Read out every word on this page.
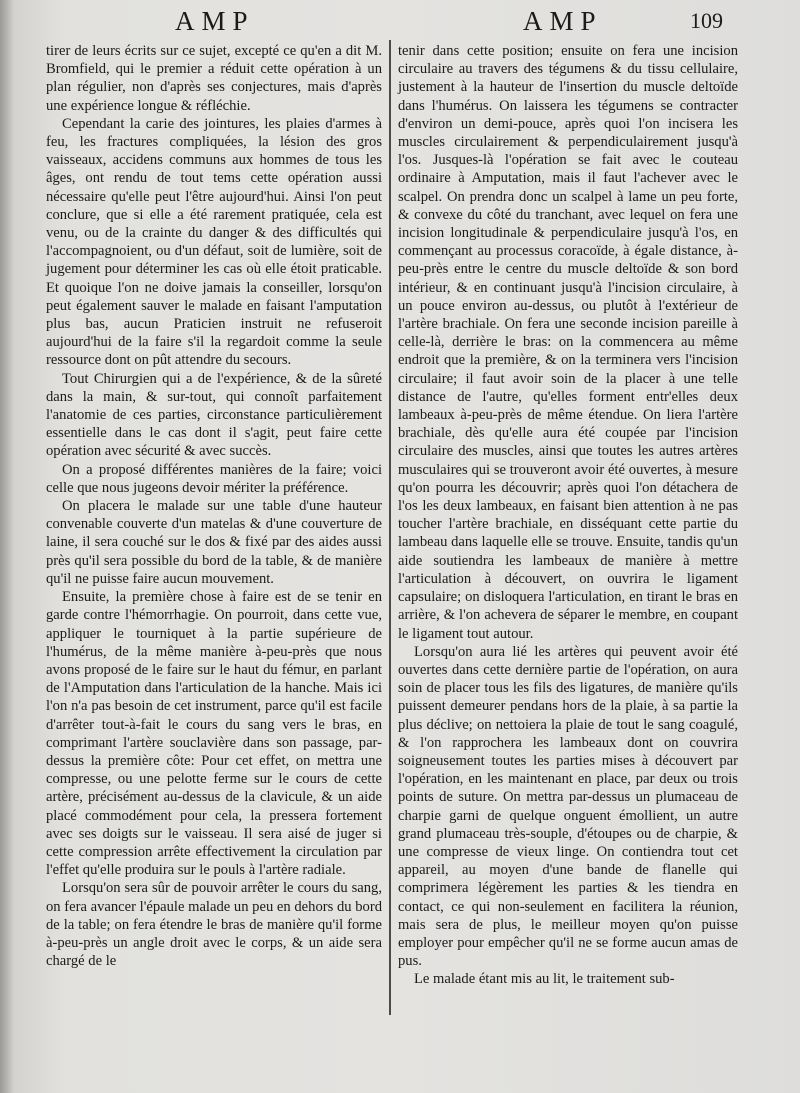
AMP	AMP	109

tirer de leurs écrits sur ce sujet, excepté ce qu'en a dit M. Bromfield, qui le premier a réduit cette opération à un plan régulier, non d'après ses conjectures, mais d'après une expérience longue & réfléchie.

Cependant la carie des jointures, les plaies d'armes à feu, les fractures compliquées, la lésion des gros vaisseaux, accidens communs aux hommes de tous les âges, ont rendu de tout tems cette opération aussi nécessaire qu'elle peut l'être aujourd'hui. Ainsi l'on peut conclure, que si elle a été rarement pratiquée, cela est venu, ou de la crainte du danger & des difficultés qui l'accompagnoient, ou d'un défaut, soit de lumière, soit de jugement pour déterminer les cas où elle étoit praticable. Et quoique l'on ne doive jamais la conseiller, lorsqu'on peut également sauver le malade en faisant l'amputation plus bas, aucun Praticien instruit ne refuseroit aujourd'hui de la faire s'il la regardoit comme la seule ressource dont on pût attendre du secours.

Tout Chirurgien qui a de l'expérience, & de la sûreté dans la main, & sur-tout, qui connoît parfaitement l'anatomie de ces parties, circonstance particulièrement essentielle dans le cas dont il s'agit, peut faire cette opération avec sécurité & avec succès.

On a proposé différentes manières de la faire; voici celle que nous jugeons devoir mériter la préférence.

On placera le malade sur une table d'une hauteur convenable couverte d'un matelas & d'une couverture de laine, il sera couché sur le dos & fixé par des aides aussi près qu'il sera possible du bord de la table, & de manière qu'il ne puisse faire aucun mouvement.

Ensuite, la première chose à faire est de se tenir en garde contre l'hémorrhagie. On pourroit, dans cette vue, appliquer le tourniquet à la partie supérieure de l'humérus, de la même manière à-peu-près que nous avons proposé de le faire sur le haut du fémur, en parlant de l'Amputation dans l'articulation de la hanche. Mais ici l'on n'a pas besoin de cet instrument, parce qu'il est facile d'arrêter tout-à-fait le cours du sang vers le bras, en comprimant l'artère souclavière dans son passage, par-dessus la première côte: Pour cet effet, on mettra une compresse, ou une pelotte ferme sur le cours de cette artère, précisément au-dessus de la clavicule, & un aide placé commodément pour cela, la pressera fortement avec ses doigts sur le vaisseau. Il sera aisé de juger si cette compression arrête effectivement la circulation par l'effet qu'elle produira sur le pouls à l'artère radiale.

Lorsqu'on sera sûr de pouvoir arrêter le cours du sang, on fera avancer l'épaule malade un peu en dehors du bord de la table; on fera étendre le bras de manière qu'il forme à-peu-près un angle droit avec le corps, & un aide sera chargé de le

tenir dans cette position; ensuite on fera une incision circulaire au travers des tégumens & du tissu cellulaire, justement à la hauteur de l'insertion du muscle deltoïde dans l'humérus. On laissera les tégumens se contracter d'environ un demi-pouce, après quoi l'on incisera les muscles circulairement & perpendiculairement jusqu'à l'os. Jusques-là l'opération se fait avec le couteau ordinaire à Amputation, mais il faut l'achever avec le scalpel. On prendra donc un scalpel à lame un peu forte, & convexe du côté du tranchant, avec lequel on fera une incision longitudinale & perpendiculaire jusqu'à l'os, en commençant au processus coracoïde, à égale distance, à-peu-près entre le centre du muscle deltoïde & son bord intérieur, & en continuant jusqu'à l'incision circulaire, à un pouce environ au-dessus, ou plutôt à l'extérieur de l'artère brachiale. On fera une seconde incision pareille à celle-là, derrière le bras: on la commencera au même endroit que la première, & on la terminera vers l'incision circulaire; il faut avoir soin de la placer à une telle distance de l'autre, qu'elles forment entr'elles deux lambeaux à-peu-près de même étendue. On liera l'artère brachiale, dès qu'elle aura été coupée par l'incision circulaire des muscles, ainsi que toutes les autres artères musculaires qui se trouveront avoir été ouvertes, à mesure qu'on pourra les découvrir; après quoi l'on détachera de l'os les deux lambeaux, en faisant bien attention à ne pas toucher l'artère brachiale, en disséquant cette partie du lambeau dans laquelle elle se trouve. Ensuite, tandis qu'un aide soutiendra les lambeaux de manière à mettre l'articulation à découvert, on ouvrira le ligament capsulaire; on disloquera l'articulation, en tirant le bras en arrière, & l'on achevera de séparer le membre, en coupant le ligament tout autour.

Lorsqu'on aura lié les artères qui peuvent avoir été ouvertes dans cette dernière partie de l'opération, on aura soin de placer tous les fils des ligatures, de manière qu'ils puissent demeurer pendans hors de la plaie, à sa partie la plus déclive; on nettoiera la plaie de tout le sang coagulé, & l'on rapprochera les lambeaux dont on couvrira soigneusement toutes les parties mises à découvert par l'opération, en les maintenant en place, par deux ou trois points de suture. On mettra par-dessus un plumaceau de charpie garni de quelque onguent émollient, un autre grand plumaceau très-souple, d'étoupes ou de charpie, & une compresse de vieux linge. On contiendra tout cet appareil, au moyen d'une bande de flanelle qui comprimera légèrement les parties & les tiendra en contact, ce qui non-seulement en facilitera la réunion, mais sera de plus, le meilleur moyen qu'on puisse employer pour empêcher qu'il ne se forme aucun amas de pus.

Le malade étant mis au lit, le traitement sub-
